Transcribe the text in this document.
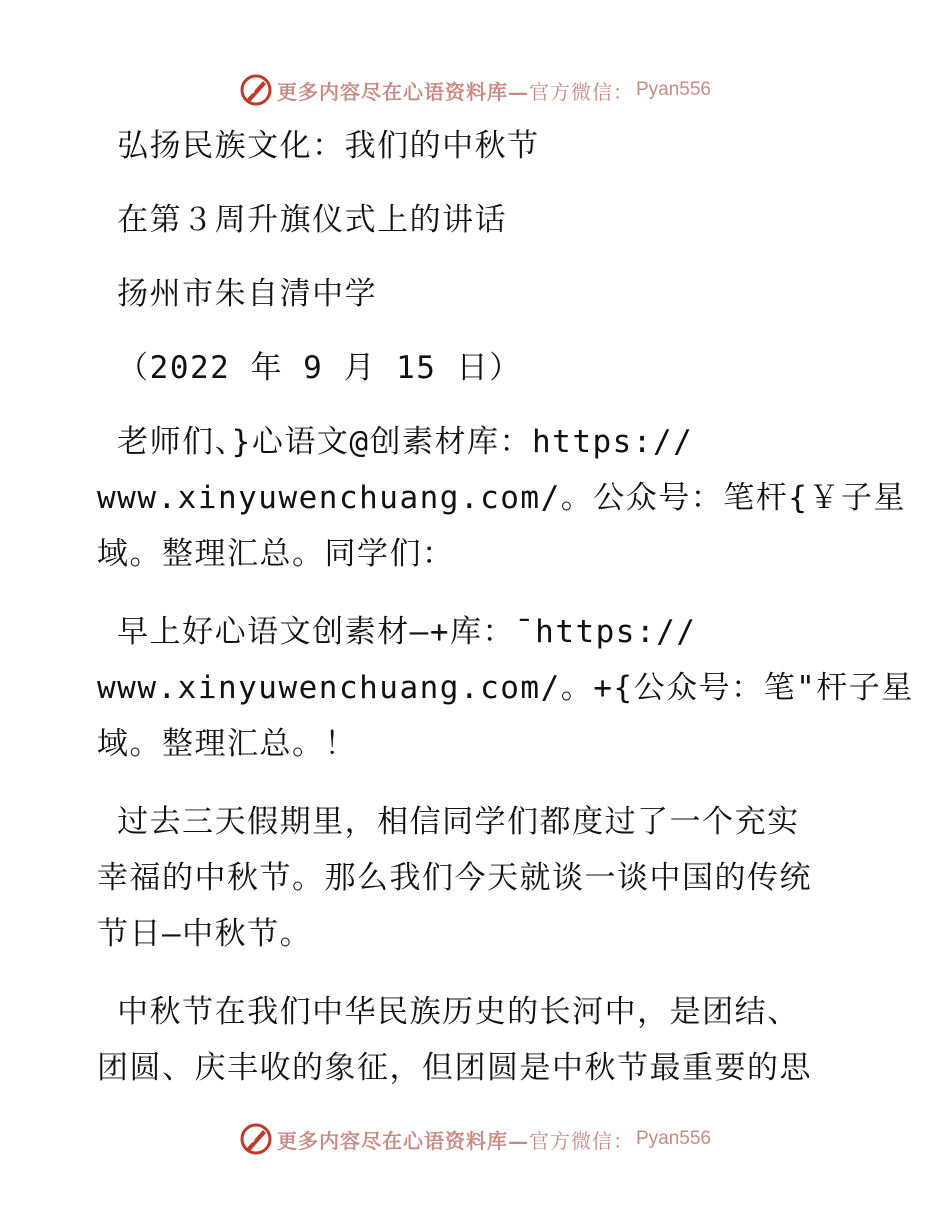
更多内容尽在心语资料库— 官方微信： Pyan556
弘扬民族文化：我们的中秋节
在第３周升旗仪式上的讲话
扬州市朱自清中学
（2022 年 9 月 15 日）
老师们、}心语文@创素材库：https://
www.xinyuwenchuang.com/。公众号：笔杆{￥子星
域。整理汇总。同学们：
早上好心语文创素材—+库：¯https://
www.xinyuwenchuang.com/。+{公众号：笔"杆子星
域。整理汇总。！
过去三天假期里，相信同学们都度过了一个充实
幸福的中秋节。那么我们今天就谈一谈中国的传统
节日—中秋节。
中秋节在我们中华民族历史的长河中，是团结、
团圆、庆丰收的象征，但团圆是中秋节最重要的思
更多内容尽在心语资料库— 官方微信： Pyan556
